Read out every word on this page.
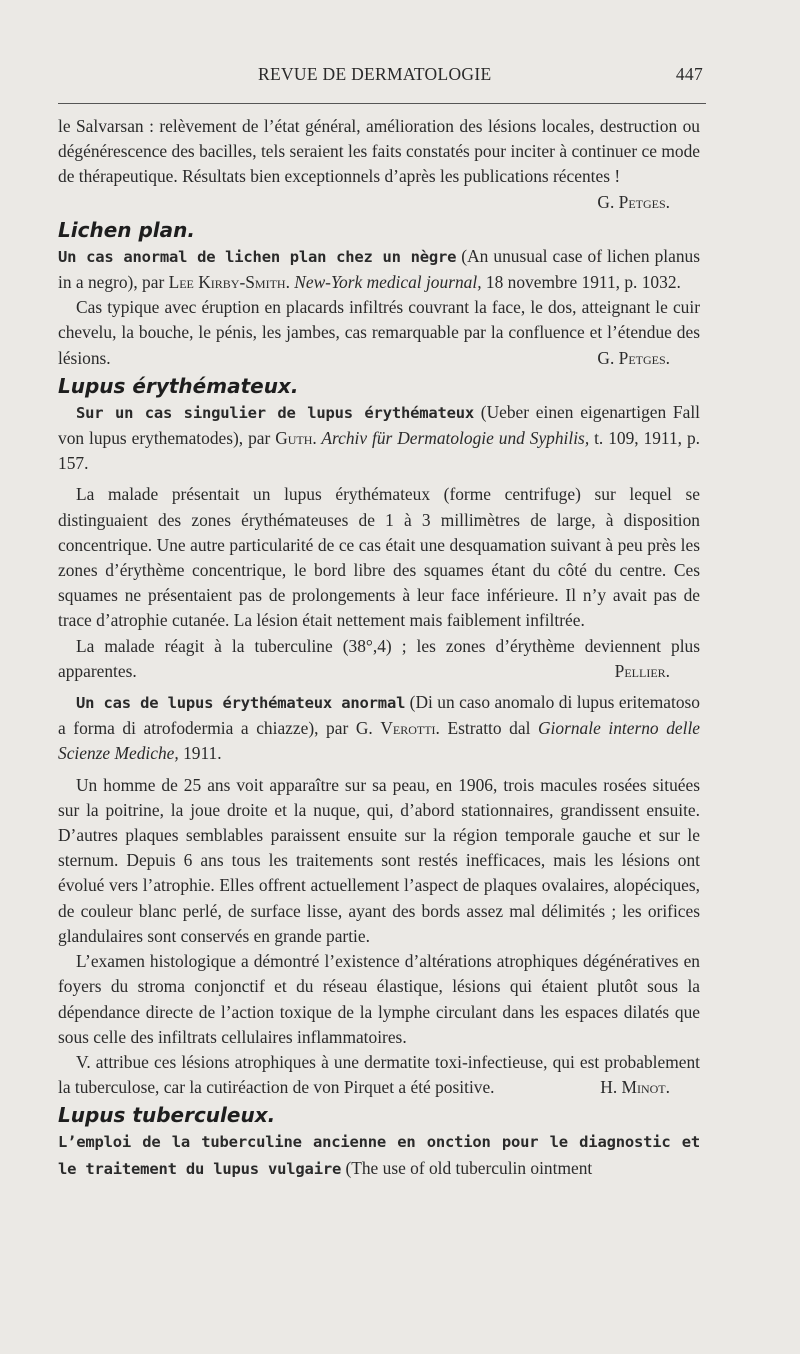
REVUE DE DERMATOLOGIE	447

le Salvarsan : relèvement de l’état général, amélioration des lésions locales, destruction ou dégénérescence des bacilles, tels seraient les faits constatés pour inciter à continuer ce mode de thérapeutique. Résultats bien exceptionnels d’après les publications récentes !
G. Petges.

Lichen plan.

Un cas anormal de lichen plan chez un nègre (An unusual case of lichen planus in a negro), par Lee Kirby-Smith. New-York medical journal, 18 novembre 1911, p. 1032.

Cas typique avec éruption en placards infiltrés couvrant la face, le dos, atteignant le cuir chevelu, la bouche, le pénis, les jambes, cas remarquable par la confluence et l’étendue des lésions.	G. Petges.

Lupus érythémateux.

Sur un cas singulier de lupus érythémateux (Ueber einen eigenartigen Fall von lupus erythematodes), par Guth. Archiv für Dermatologie und Syphilis, t. 109, 1911, p. 157.

La malade présentait un lupus érythémateux (forme centrifuge) sur lequel se distinguaient des zones érythémateuses de 1 à 3 millimètres de large, à disposition concentrique. Une autre particularité de ce cas était une desquamation suivant à peu près les zones d’érythème concentrique, le bord libre des squames étant du côté du centre. Ces squames ne présentaient pas de prolongements à leur face inférieure. Il n’y avait pas de trace d’atrophie cutanée. La lésion était nettement mais faiblement infiltrée.

La malade réagit à la tuberculine (38°,4) ; les zones d’érythème deviennent plus apparentes.	Pellier.

Un cas de lupus érythémateux anormal (Di un caso anomalo di lupus eritematoso a forma di atrofodermia a chiazze), par G. Verotti. Estratto dal Giornale interno delle Scienze Mediche, 1911.

Un homme de 25 ans voit apparaître sur sa peau, en 1906, trois macules rosées situées sur la poitrine, la joue droite et la nuque, qui, d’abord stationnaires, grandissent ensuite. D’autres plaques semblables paraissent ensuite sur la région temporale gauche et sur le sternum. Depuis 6 ans tous les traitements sont restés inefficaces, mais les lésions ont évolué vers l’atrophie. Elles offrent actuellement l’aspect de plaques ovalaires, alopéciques, de couleur blanc perlé, de surface lisse, ayant des bords assez mal délimités ; les orifices glandulaires sont conservés en grande partie.

L’examen histologique a démontré l’existence d’altérations atrophiques dégénératives en foyers du stroma conjonctif et du réseau élastique, lésions qui étaient plutôt sous la dépendance directe de l’action toxique de la lymphe circulant dans les espaces dilatés que sous celle des infiltrats cellulaires inflammatoires.

V. attribue ces lésions atrophiques à une dermatite toxi-infectieuse, qui est probablement la tuberculose, car la cutiréaction de von Pirquet a été positive.	H. Minot.

Lupus tuberculeux.

L’emploi de la tuberculine ancienne en onction pour le diagnostic et le traitement du lupus vulgaire (The use of old tuberculin ointment
